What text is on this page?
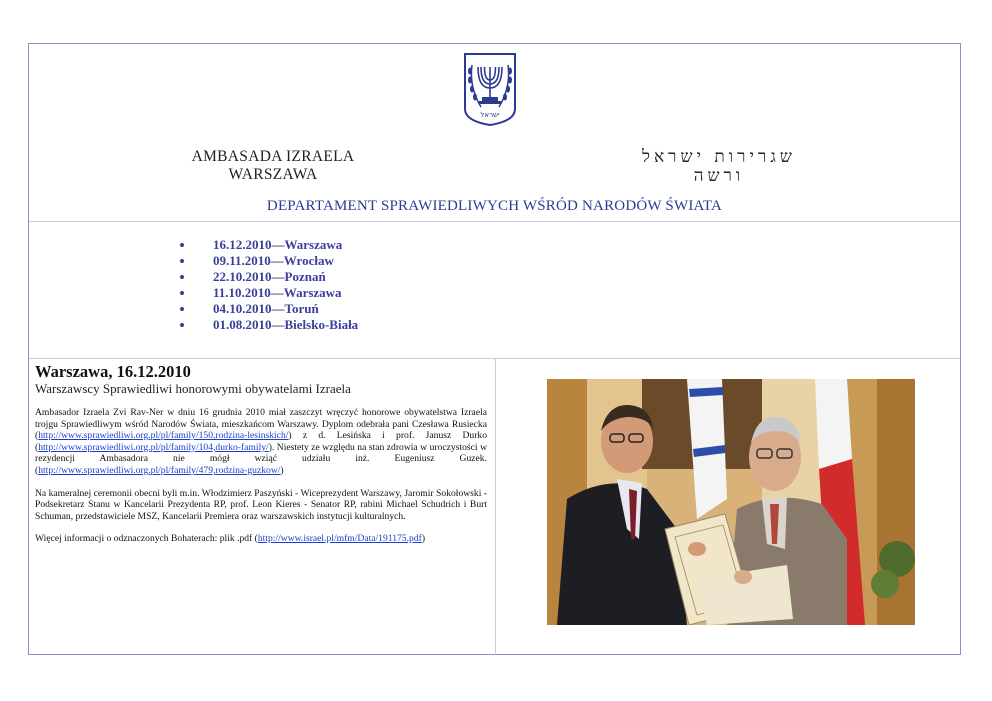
ישראל
AMBASADA IZRAELA
WARSZAWA
שגרירות ישראל
ורשה
DEPARTAMENT SPRAWIEDLIWYCH WŚRÓD NARODÓW ŚWIATA
16.12.2010—Warszawa
09.11.2010—Wrocław
22.10.2010—Poznań
11.10.2010—Warszawa
04.10.2010—Toruń
01.08.2010—Bielsko-Biała

Warszawa, 16.12.2010

Warszawscy Sprawiedliwi honorowymi obywatelami Izraela

Ambasador Izraela Zvi Rav-Ner w dniu 16 grudnia 2010 miał zaszczyt wręczyć honorowe obywatelstwa Izraela trojgu Sprawiedliwym wśród Narodów Świata, mieszkańcom Warszawy. Dyplom odebrała pani Czesława Rusiecka (http://www.sprawiedliwi.org.pl/pl/family/150,rodzina-lesinskich/) z d. Lesińska i prof. Janusz Durko (http://www.sprawiedliwi.org.pl/pl/family/104,durko-family/). Niestety ze względu na stan zdrowia w uroczystości w rezydencji Ambasadora nie mógł wziąć udziału inż. Eugeniusz Guzek. (http://www.sprawiedliwi.org.pl/pl/family/479,rodzina-guzkow/)

Na kameralnej ceremonii obecni byli m.in. Włodzimierz Paszyński - Wiceprezydent Warszawy, Jaromir Sokołowski - Podsekretarz Stanu w Kancelarii Prezydenta RP, prof. Leon Kieres - Senator RP, rabini Michael Schudrich i Burt Schuman, przedstawiciele MSZ, Kancelarii Premiera oraz warszawskich instytucji kulturalnych.

Więcej informacji o odznaczonych Bohaterach: plik .pdf (http://www.israel.pl/mfm/Data/191175.pdf)
